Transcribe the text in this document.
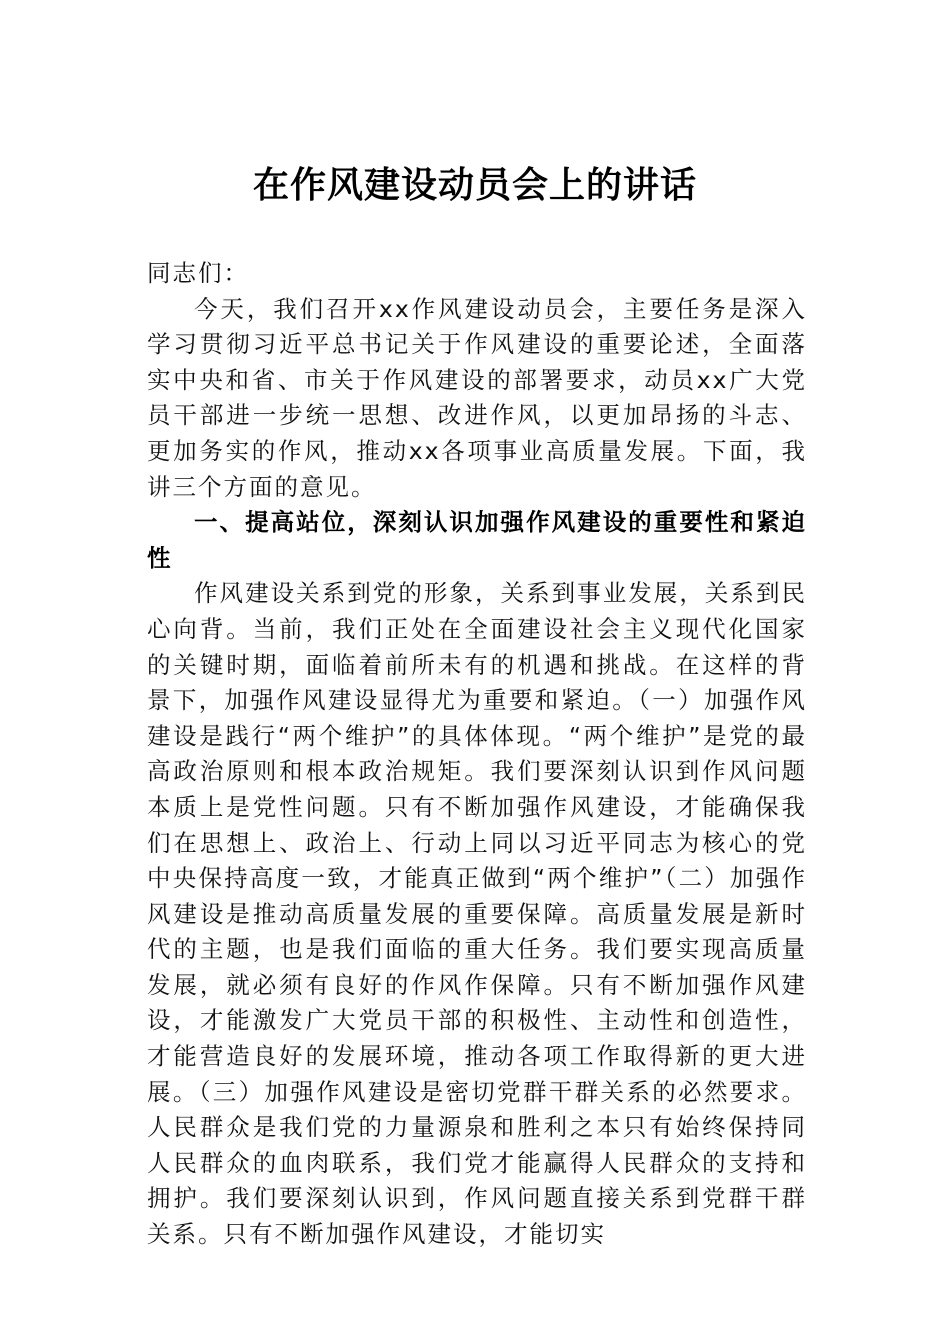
在作风建设动员会上的讲话

同志们：

今天，我们召开xx作风建设动员会，主要任务是深入学习贯彻习近平总书记关于作风建设的重要论述，全面落实中央和省、市关于作风建设的部署要求，动员xx广大党员干部进一步统一思想、改进作风，以更加昂扬的斗志、更加务实的作风，推动xx各项事业高质量发展。下面，我讲三个方面的意见。

一、提高站位，深刻认识加强作风建设的重要性和紧迫性

作风建设关系到党的形象，关系到事业发展，关系到民心向背。当前，我们正处在全面建设社会主义现代化国家的关键时期，面临着前所未有的机遇和挑战。在这样的背景下，加强作风建设显得尤为重要和紧迫。（一）加强作风建设是践行“两个维护”的具体体现。“两个维护”是党的最高政治原则和根本政治规矩。我们要深刻认识到作风问题本质上是党性问题。只有不断加强作风建设，才能确保我们在思想上、政治上、行动上同以习近平同志为核心的党中央保持高度一致，才能真正做到“两个维护”（二）加强作风建设是推动高质量发展的重要保障。高质量发展是新时代的主题，也是我们面临的重大任务。我们要实现高质量发展，就必须有良好的作风作保障。只有不断加强作风建设，才能激发广大党员干部的积极性、主动性和创造性，才能营造良好的发展环境，推动各项工作取得新的更大进展。（三）加强作风建设是密切党群干群关系的必然要求。人民群众是我们党的力量源泉和胜利之本只有始终保持同人民群众的血肉联系，我们党才能赢得人民群众的支持和拥护。我们要深刻认识到，作风问题直接关系到党群干群关系。只有不断加强作风建设，才能切实
